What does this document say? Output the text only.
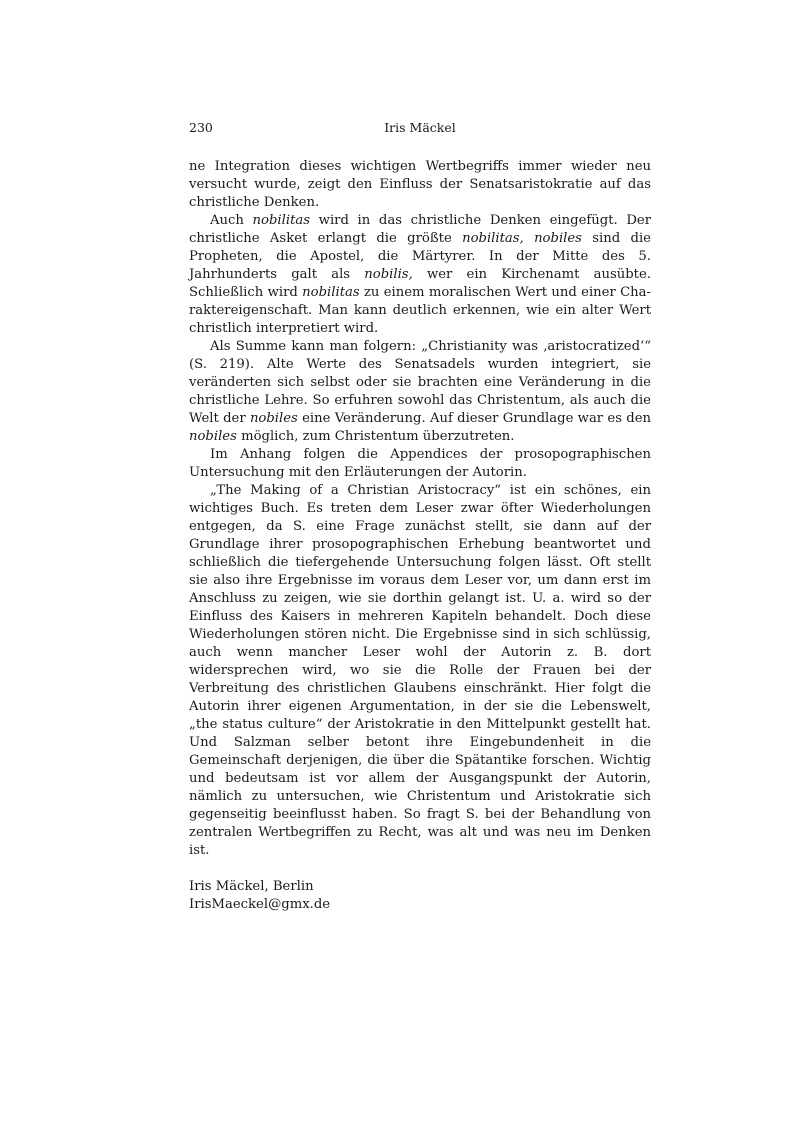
230	Iris Mäckel

ne Integration dieses wichtigen Wertbegriffs immer wieder neu versucht wurde, zeigt den Einfluss der Senatsaristokratie auf das christliche Denken.

Auch nobilitas wird in das christliche Denken eingefügt. Der christliche Asket erlangt die größte nobilitas, nobiles sind die Propheten, die Apostel, die Märtyrer. In der Mitte des 5. Jahrhunderts galt als nobilis, wer ein Kirchenamt ausübte. Schließlich wird nobilitas zu einem moralischen Wert und einer Charaktereigenschaft. Man kann deutlich erkennen, wie ein alter Wert christlich interpretiert wird.

Als Summe kann man folgern: „Christianity was ‚aristocratized‘“ (S. 219). Alte Werte des Senatsadels wurden integriert, sie veränderten sich selbst oder sie brachten eine Veränderung in die christliche Lehre. So erfuhren sowohl das Christentum, als auch die Welt der nobiles eine Veränderung. Auf dieser Grundlage war es den nobiles möglich, zum Christentum überzutreten.

Im Anhang folgen die Appendices der prosopographischen Untersuchung mit den Erläuterungen der Autorin.

„The Making of a Christian Aristocracy“ ist ein schönes, ein wichtiges Buch. Es treten dem Leser zwar öfter Wiederholungen entgegen, da S. eine Frage zunächst stellt, sie dann auf der Grundlage ihrer prosopographischen Erhebung beantwortet und schließlich die tiefergehende Untersuchung folgen lässt. Oft stellt sie also ihre Ergebnisse im voraus dem Leser vor, um dann erst im Anschluss zu zeigen, wie sie dorthin gelangt ist. U. a. wird so der Einfluss des Kaisers in mehreren Kapiteln behandelt. Doch diese Wiederholungen stören nicht. Die Ergebnisse sind in sich schlüssig, auch wenn mancher Leser wohl der Autorin z. B. dort widersprechen wird, wo sie die Rolle der Frauen bei der Verbreitung des christlichen Glaubens einschränkt. Hier folgt die Autorin ihrer eigenen Argumentation, in der sie die Lebenswelt, „the status culture“ der Aristokratie in den Mittelpunkt gestellt hat. Und Salzman selber betont ihre Eingebundenheit in die Gemeinschaft derjenigen, die über die Spätantike forschen. Wichtig und bedeutsam ist vor allem der Ausgangspunkt der Autorin, nämlich zu untersuchen, wie Christentum und Aristokratie sich gegenseitig beeinflusst haben. So fragt S. bei der Behandlung von zentralen Wertbegriffen zu Recht, was alt und was neu im Denken ist.

Iris Mäckel, Berlin
IrisMaeckel@gmx.de
